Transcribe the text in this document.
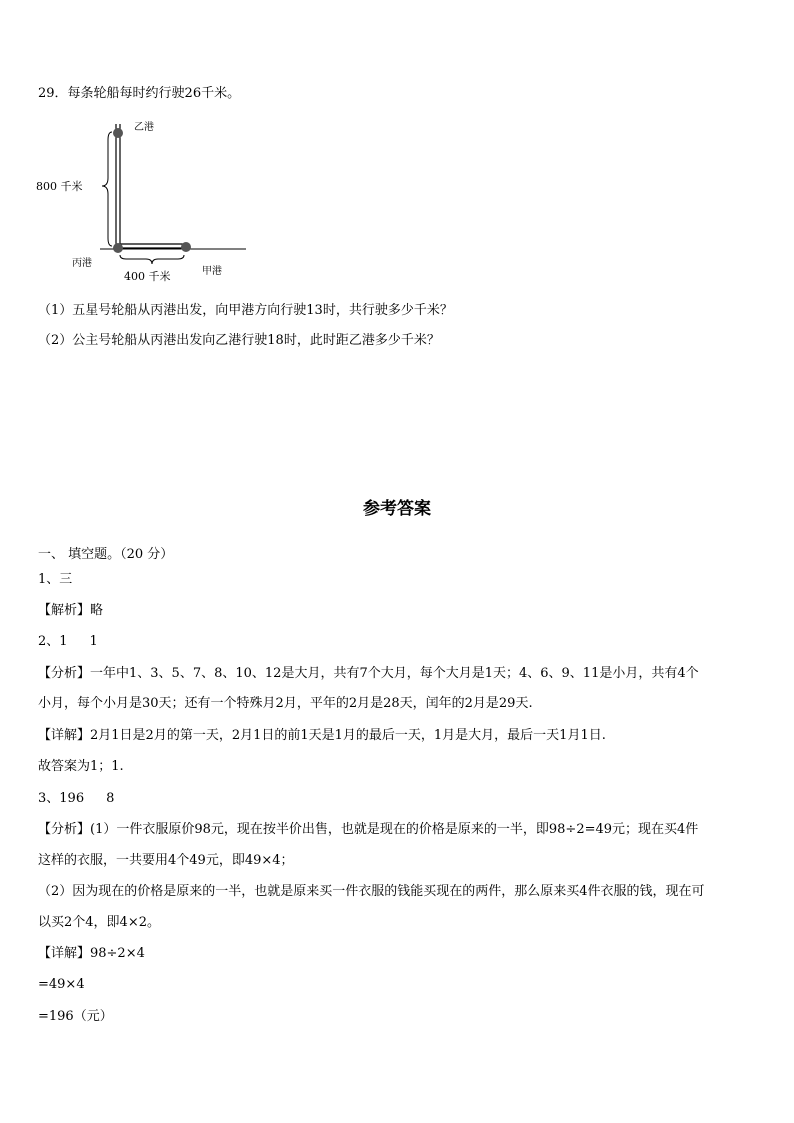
29．每条轮船每时约行驶26千米。
乙港
800 千米
丙港
甲港
400 千米
（1）五星号轮船从丙港出发，向甲港方向行驶13时，共行驶多少千米？
（2）公主号轮船从丙港出发向乙港行驶18时，此时距乙港多少千米？
参考答案
一、 填空题。（20 分）
1、三
【解析】略
2、1 1
【分析】一年中1、3、5、7、8、10、12是大月，共有7个大月，每个大月是1天；4、6、9、11是小月，共有4个
小月，每个小月是30天；还有一个特殊月2月，平年的2月是28天，闰年的2月是29天.
【详解】2月1日是2月的第一天，2月1日的前1天是1月的最后一天，1月是大月，最后一天1月1日.
故答案为1；1.
3、196 8
【分析】(1）一件衣服原价98元，现在按半价出售，也就是现在的价格是原来的一半，即98÷2=49元；现在买4件
这样的衣服，一共要用4个49元，即49×4；
（2）因为现在的价格是原来的一半，也就是原来买一件衣服的钱能买现在的两件，那么原来买4件衣服的钱，现在可
以买2个4，即4×2。
【详解】98÷2×4
=49×4
=196（元）
